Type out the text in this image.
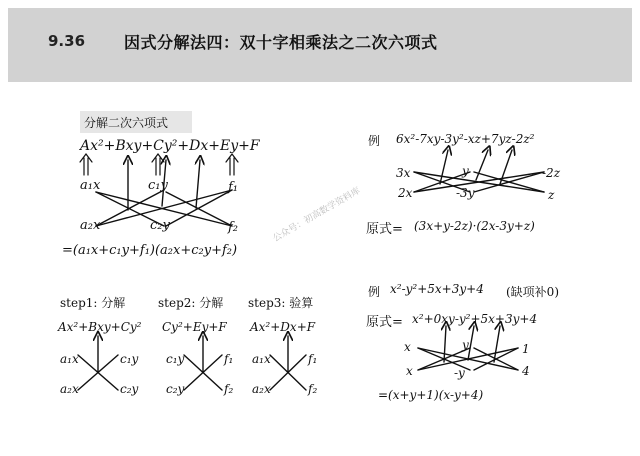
9.36 因式分解法四：双十字相乘法之二次六项式
分解二次六项式
Ax²+Bxy+Cy²+Dx+Ey+F
a₁x	c₁y	f₁
a₂x	c₂y	f₂
=(a₁x+c₁y+f₁)(a₂x+c₂y+f₂)
step1: 分解
Ax²+Bxy+Cy²
a₁x	c₁y
a₂x	c₂y
step2: 分解
Cy²+Ey+F
c₁y	f₁
c₂y	f₂
step3: 验算
Ax²+Dx+F
a₁x	f₁
a₂x	f₂
例 6x²-7xy-3y²-xz+7yz-2z²
3x	y	-2z
2x	-3y	z
原式= (3x+y-2z)·(2x-3y+z)
例 x²-y²+5x+3y+4 (缺项补0)
原式= x²+0xy-y²+5x+3y+4
x	y	1
x	-y	4
=(x+y+1)(x-y+4)
公众号：初高数学资料库
